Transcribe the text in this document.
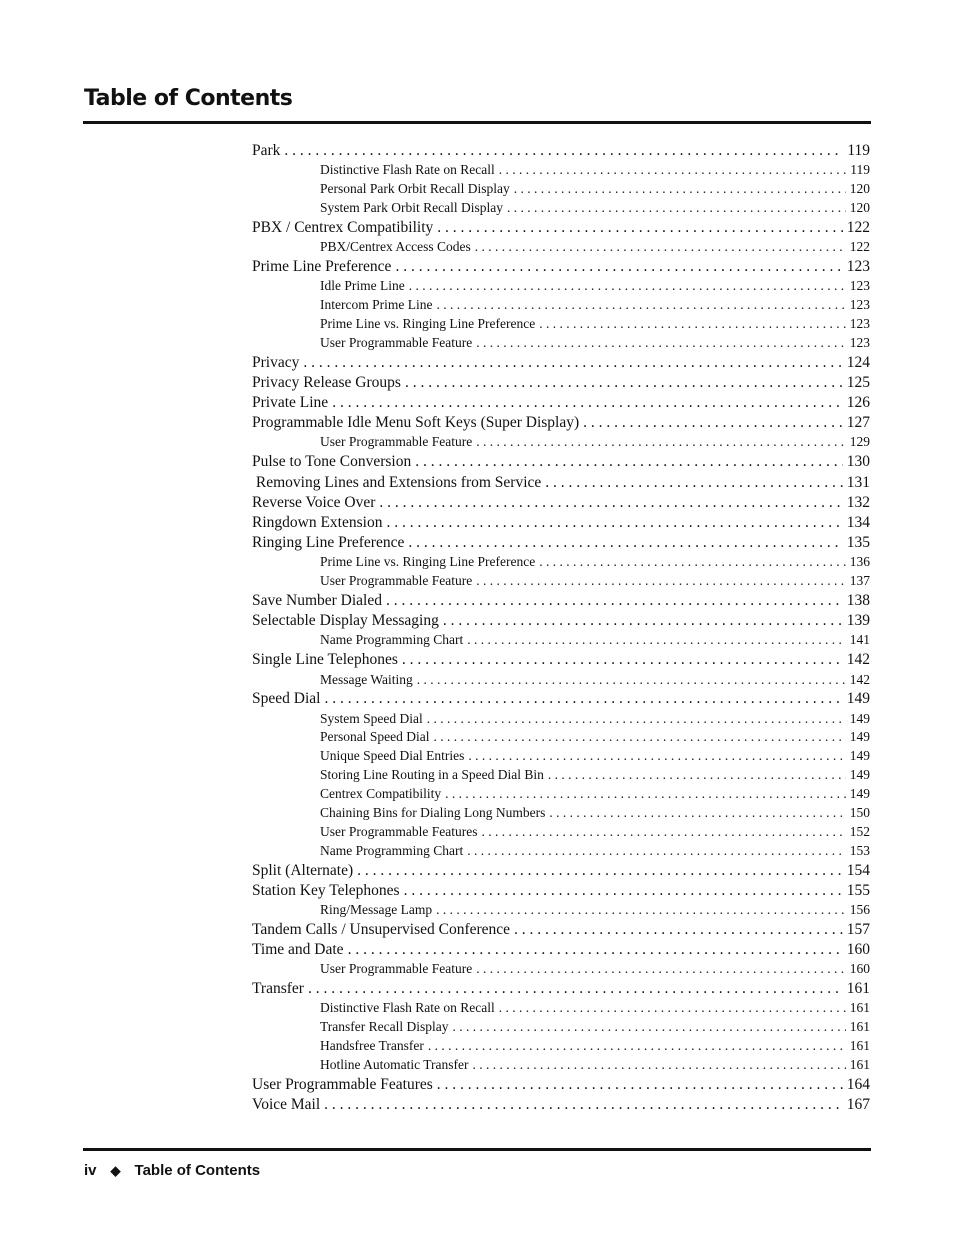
Table of Contents
Park . . .	119
Distinctive Flash Rate on Recall . . .	119
Personal Park Orbit Recall Display . . .	120
System Park Orbit Recall Display . . .	120
PBX / Centrex Compatibility . . .	122
PBX/Centrex Access Codes . . .	122
Prime Line Preference . . .	123
Idle Prime Line . . .	123
Intercom Prime Line . . .	123
Prime Line vs. Ringing Line Preference . . .	123
User Programmable Feature . . .	123
Privacy . . .	124
Privacy Release Groups . . .	125
Private Line . . .	126
Programmable Idle Menu Soft Keys (Super Display) . . .	127
User Programmable Feature . . .	129
Pulse to Tone Conversion . . .	130
Removing Lines and Extensions from Service . . .	131
Reverse Voice Over . . .	132
Ringdown Extension . . .	134
Ringing Line Preference . . .	135
Prime Line vs. Ringing Line Preference . . .	136
User Programmable Feature . . .	137
Save Number Dialed . . .	138
Selectable Display Messaging . . .	139
Name Programming Chart . . .	141
Single Line Telephones . . .	142
Message Waiting . . .	142
Speed Dial . . .	149
System Speed Dial . . .	149
Personal Speed Dial . . .	149
Unique Speed Dial Entries . . .	149
Storing Line Routing in a Speed Dial Bin . . .	149
Centrex Compatibility . . .	149
Chaining Bins for Dialing Long Numbers . . .	150
User Programmable Features . . .	152
Name Programming Chart . . .	153
Split (Alternate) . . .	154
Station Key Telephones . . .	155
Ring/Message Lamp . . .	156
Tandem Calls / Unsupervised Conference . . .	157
Time and Date . . .	160
User Programmable Feature . . .	160
Transfer . . .	161
Distinctive Flash Rate on Recall . . .	161
Transfer Recall Display . . .	161
Handsfree Transfer . . .	161
Hotline Automatic Transfer . . .	161
User Programmable Features . . .	164
Voice Mail . . .	167
iv ◆ Table of Contents
